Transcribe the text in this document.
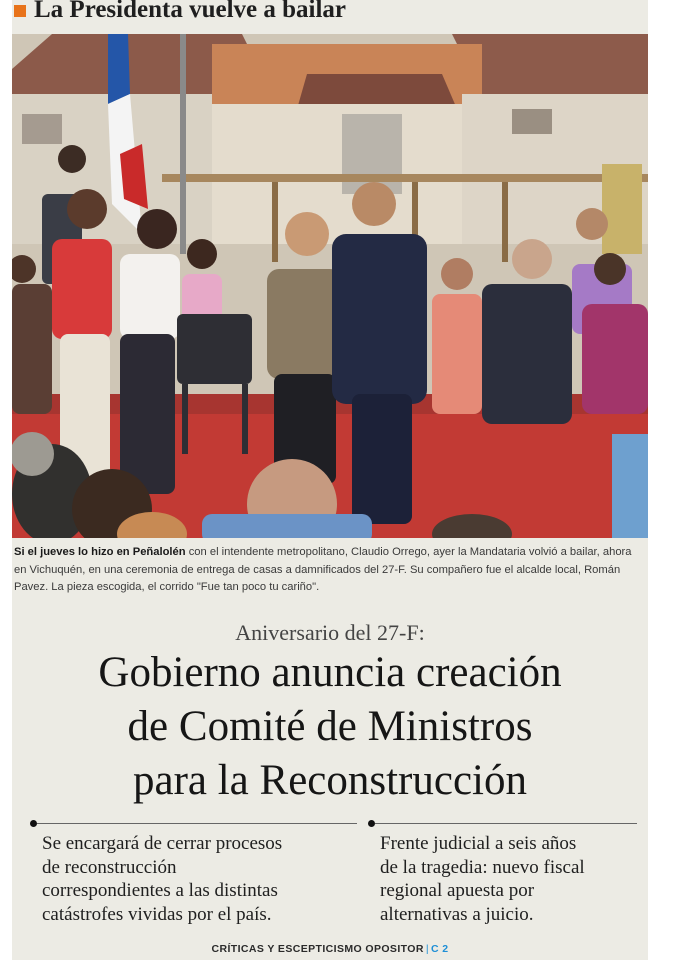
La Presidenta vuelve a bailar
Si el jueves lo hizo en Peñalolén con el intendente metropolitano, Claudio Orrego, ayer la Mandataria volvió a bailar, ahora en Vichuquén, en una ceremonia de entrega de casas a damnificados del 27-F. Su compañero fue el alcalde local, Román Pavez. La pieza escogida, el corrido "Fue tan poco tu cariño".
Aniversario del 27-F:
Gobierno anuncia creación
de Comité de Ministros
para la Reconstrucción
Se encargará de cerrar procesos
de reconstrucción
correspondientes a las distintas
catástrofes vividas por el país.
Frente judicial a seis años
de la tragedia: nuevo fiscal
regional apuesta por
alternativas a juicio.
CRÍTICAS Y ESCEPTICISMO OPOSITOR | C 2
